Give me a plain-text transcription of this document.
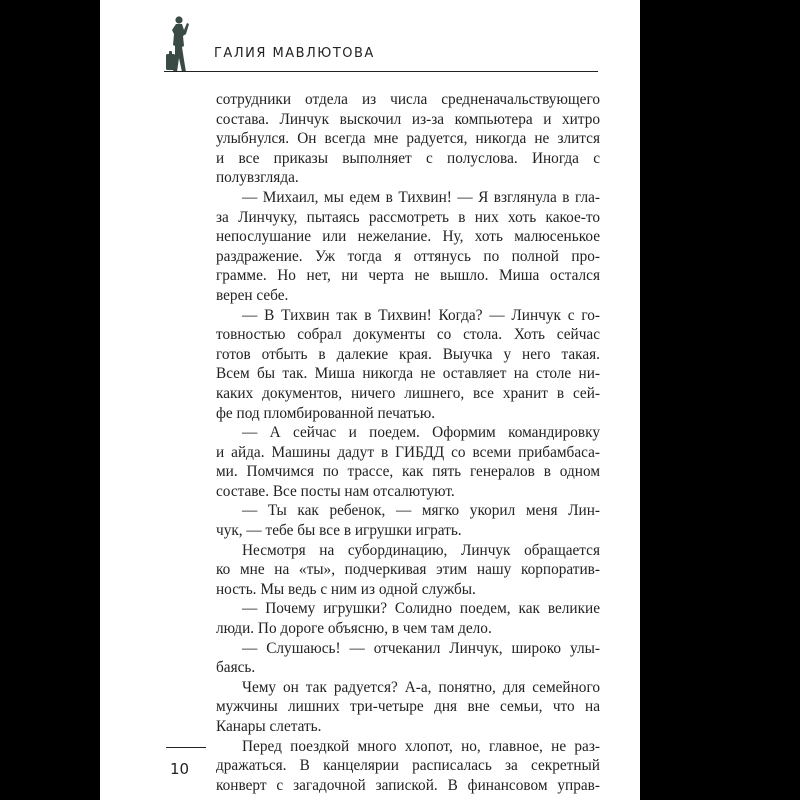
ГАЛИЯ МАВЛЮТОВА
сотрудники отдела из числа средненачальствующего
состава. Линчук выскочил из-за компьютера и хитро
улыбнулся. Он всегда мне радуется, никогда не злится
и все приказы выполняет с полуслова. Иногда с
полувзгляда.
— Михаил, мы едем в Тихвин! — Я взглянула в гла-
за Линчуку, пытаясь рассмотреть в них хоть какое-то
непослушание или нежелание. Ну, хоть малюсенькое
раздражение. Уж тогда я оттянусь по полной про-
грамме. Но нет, ни черта не вышло. Миша остался
верен себе.
— В Тихвин так в Тихвин! Когда? — Линчук с го-
товностью собрал документы со стола. Хоть сейчас
готов отбыть в далекие края. Выучка у него такая.
Всем бы так. Миша никогда не оставляет на столе ни-
каких документов, ничего лишнего, все хранит в сей-
фе под пломбированной печатью.
— А сейчас и поедем. Оформим командировку
и айда. Машины дадут в ГИБДД со всеми прибамбаса-
ми. Помчимся по трассе, как пять генералов в одном
составе. Все посты нам отсалютуют.
— Ты как ребенок, — мягко укорил меня Лин-
чук, — тебе бы все в игрушки играть.
Несмотря на субординацию, Линчук обращается
ко мне на «ты», подчеркивая этим нашу корпоратив-
ность. Мы ведь с ним из одной службы.
— Почему игрушки? Солидно поедем, как великие
люди. По дороге объясню, в чем там дело.
— Слушаюсь! — отчеканил Линчук, широко улы-
баясь.
Чему он так радуется? А-а, понятно, для семейного
мужчины лишних три-четыре дня вне семьи, что на
Канары слетать.
Перед поездкой много хлопот, но, главное, не раз-
дражаться. В канцелярии расписалась за секретный
конверт с загадочной запиской. В финансовом управ-
10
